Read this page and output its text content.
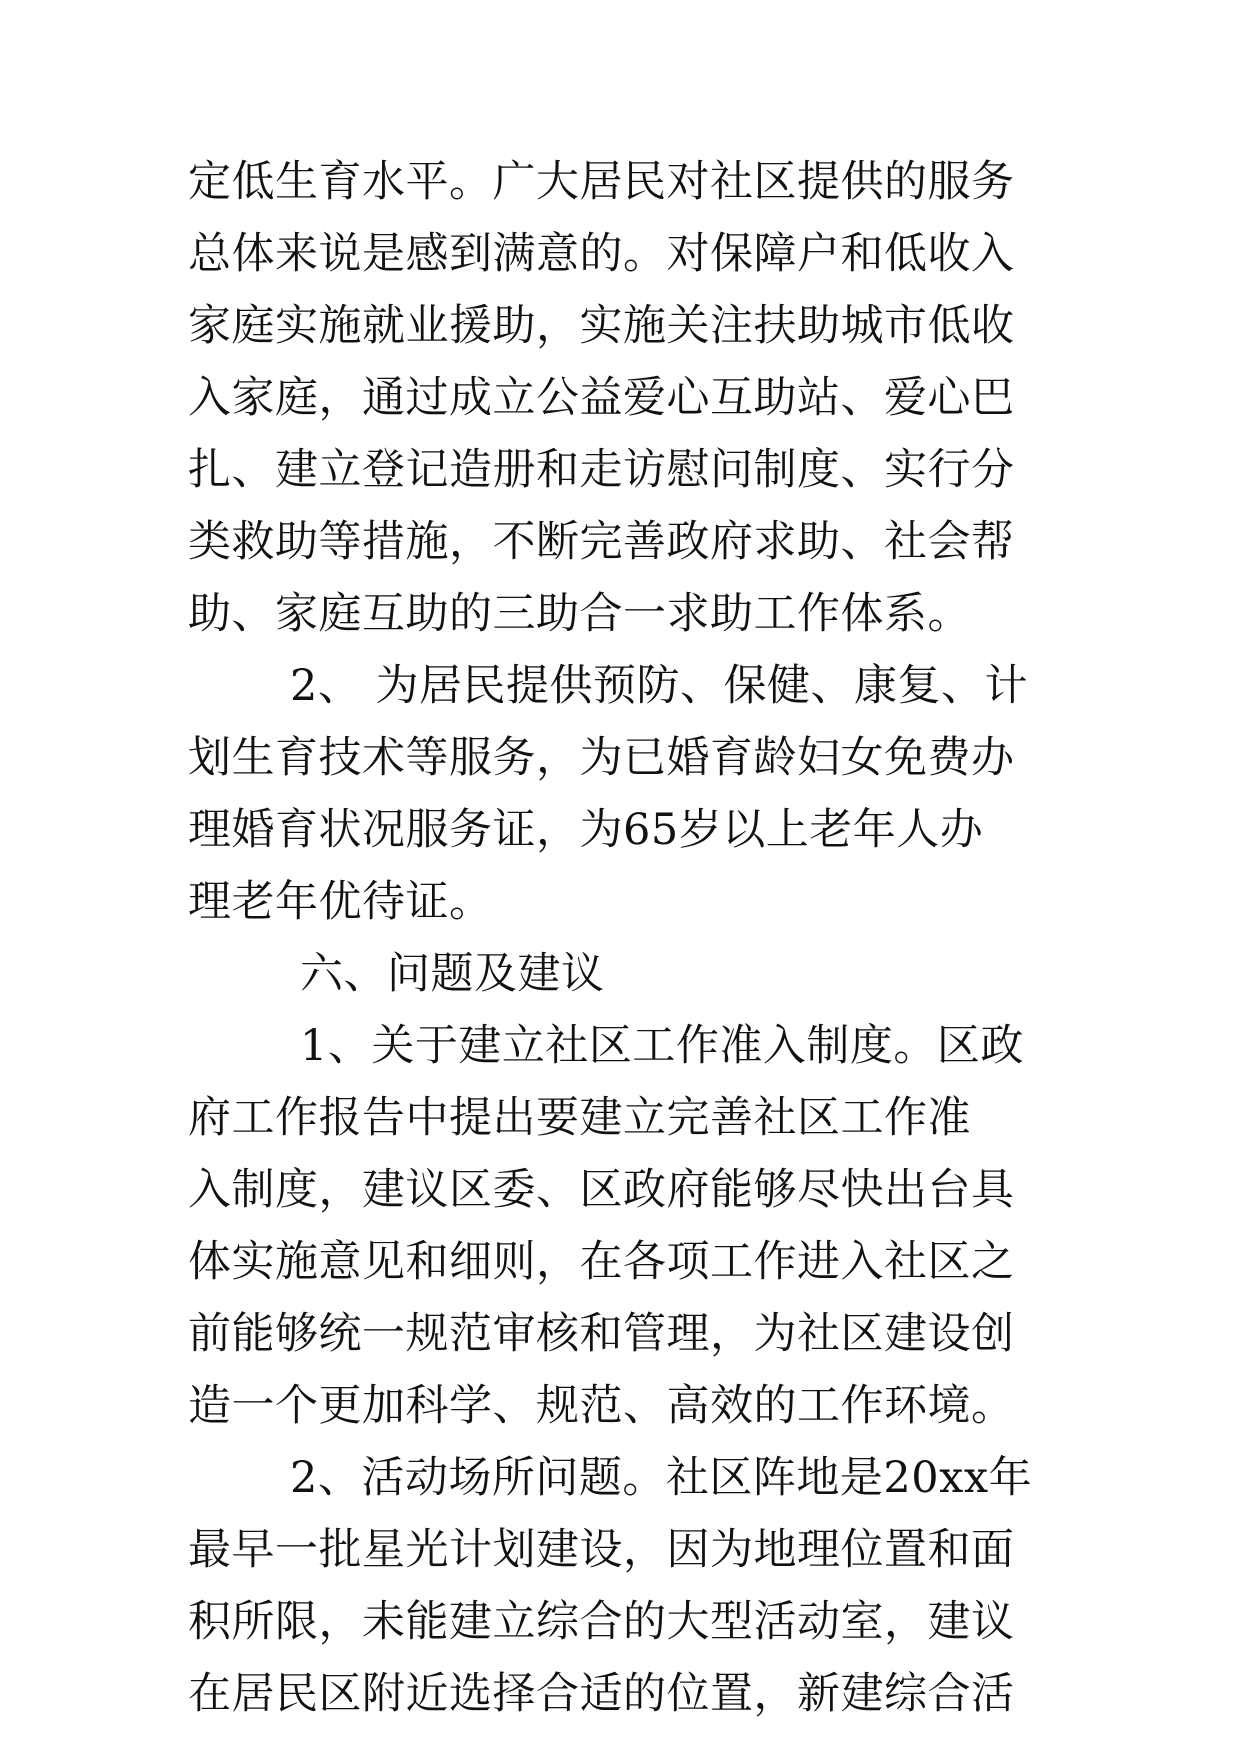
定低生育水平。广大居民对社区提供的服务
总体来说是感到满意的。对保障户和低收入
家庭实施就业援助，实施关注扶助城市低收
入家庭，通过成立公益爱心互助站、爱心巴
扎、建立登记造册和走访慰问制度、实行分
类救助等措施，不断完善政府求助、社会帮
助、家庭互助的三助合一求助工作体系。
2、 为居民提供预防、保健、康复、计
划生育技术等服务，为已婚育龄妇女免费办
理婚育状况服务证，为65岁以上老年人办
理老年优待证。
六、问题及建议
1、关于建立社区工作准入制度。区政
府工作报告中提出要建立完善社区工作准
入制度，建议区委、区政府能够尽快出台具
体实施意见和细则，在各项工作进入社区之
前能够统一规范审核和管理，为社区建设创
造一个更加科学、规范、高效的工作环境。
2、活动场所问题。社区阵地是20xx年
最早一批星光计划建设，因为地理位置和面
积所限，未能建立综合的大型活动室，建议
在居民区附近选择合适的位置，新建综合活
